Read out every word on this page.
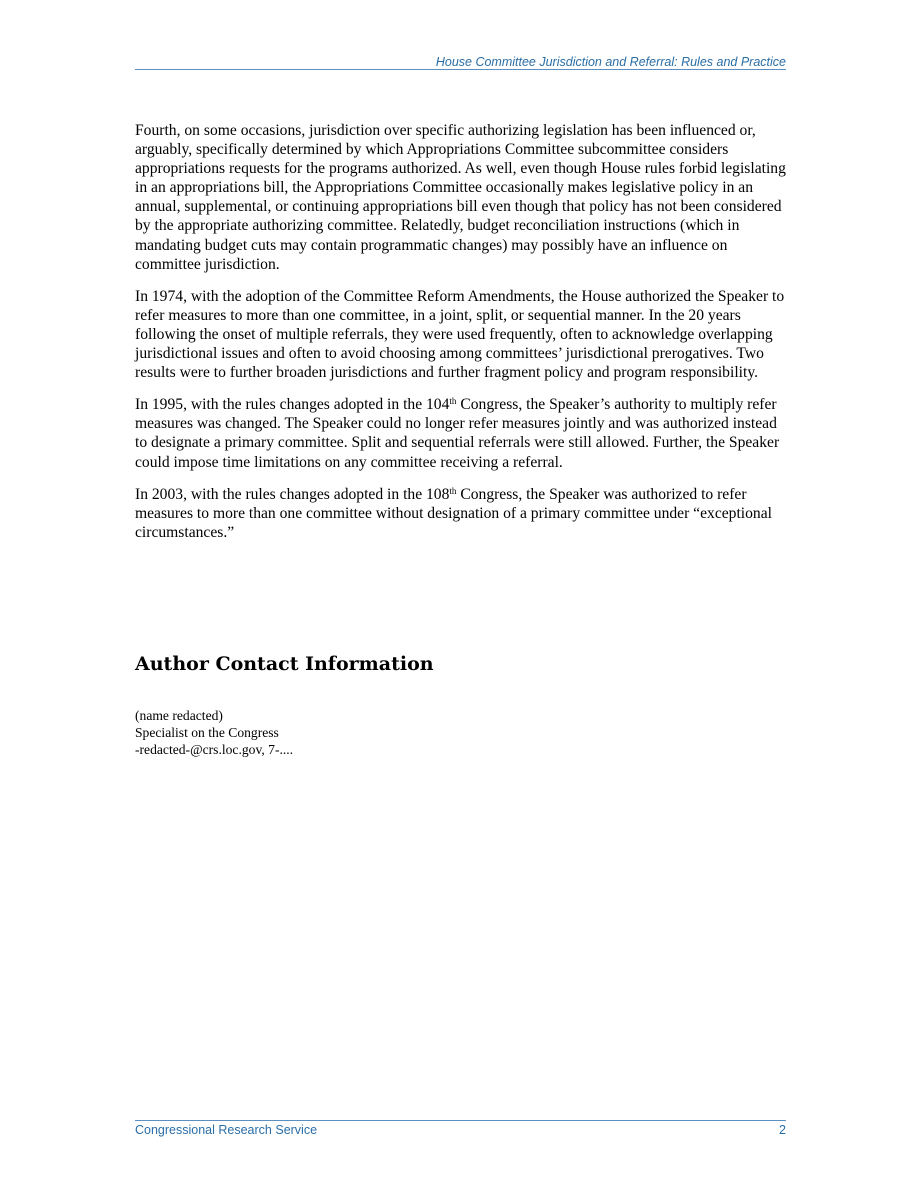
House Committee Jurisdiction and Referral: Rules and Practice

Fourth, on some occasions, jurisdiction over specific authorizing legislation has been influenced or, arguably, specifically determined by which Appropriations Committee subcommittee considers appropriations requests for the programs authorized. As well, even though House rules forbid legislating in an appropriations bill, the Appropriations Committee occasionally makes legislative policy in an annual, supplemental, or continuing appropriations bill even though that policy has not been considered by the appropriate authorizing committee. Relatedly, budget reconciliation instructions (which in mandating budget cuts may contain programmatic changes) may possibly have an influence on committee jurisdiction.

In 1974, with the adoption of the Committee Reform Amendments, the House authorized the Speaker to refer measures to more than one committee, in a joint, split, or sequential manner. In the 20 years following the onset of multiple referrals, they were used frequently, often to acknowledge overlapping jurisdictional issues and often to avoid choosing among committees’ jurisdictional prerogatives. Two results were to further broaden jurisdictions and further fragment policy and program responsibility.

In 1995, with the rules changes adopted in the 104th Congress, the Speaker’s authority to multiply refer measures was changed. The Speaker could no longer refer measures jointly and was authorized instead to designate a primary committee. Split and sequential referrals were still allowed. Further, the Speaker could impose time limitations on any committee receiving a referral.

In 2003, with the rules changes adopted in the 108th Congress, the Speaker was authorized to refer measures to more than one committee without designation of a primary committee under “exceptional circumstances.”

Author Contact Information
(name redacted)
Specialist on the Congress
-redacted-@crs.loc.gov, 7-....
Congressional Research Service	2
